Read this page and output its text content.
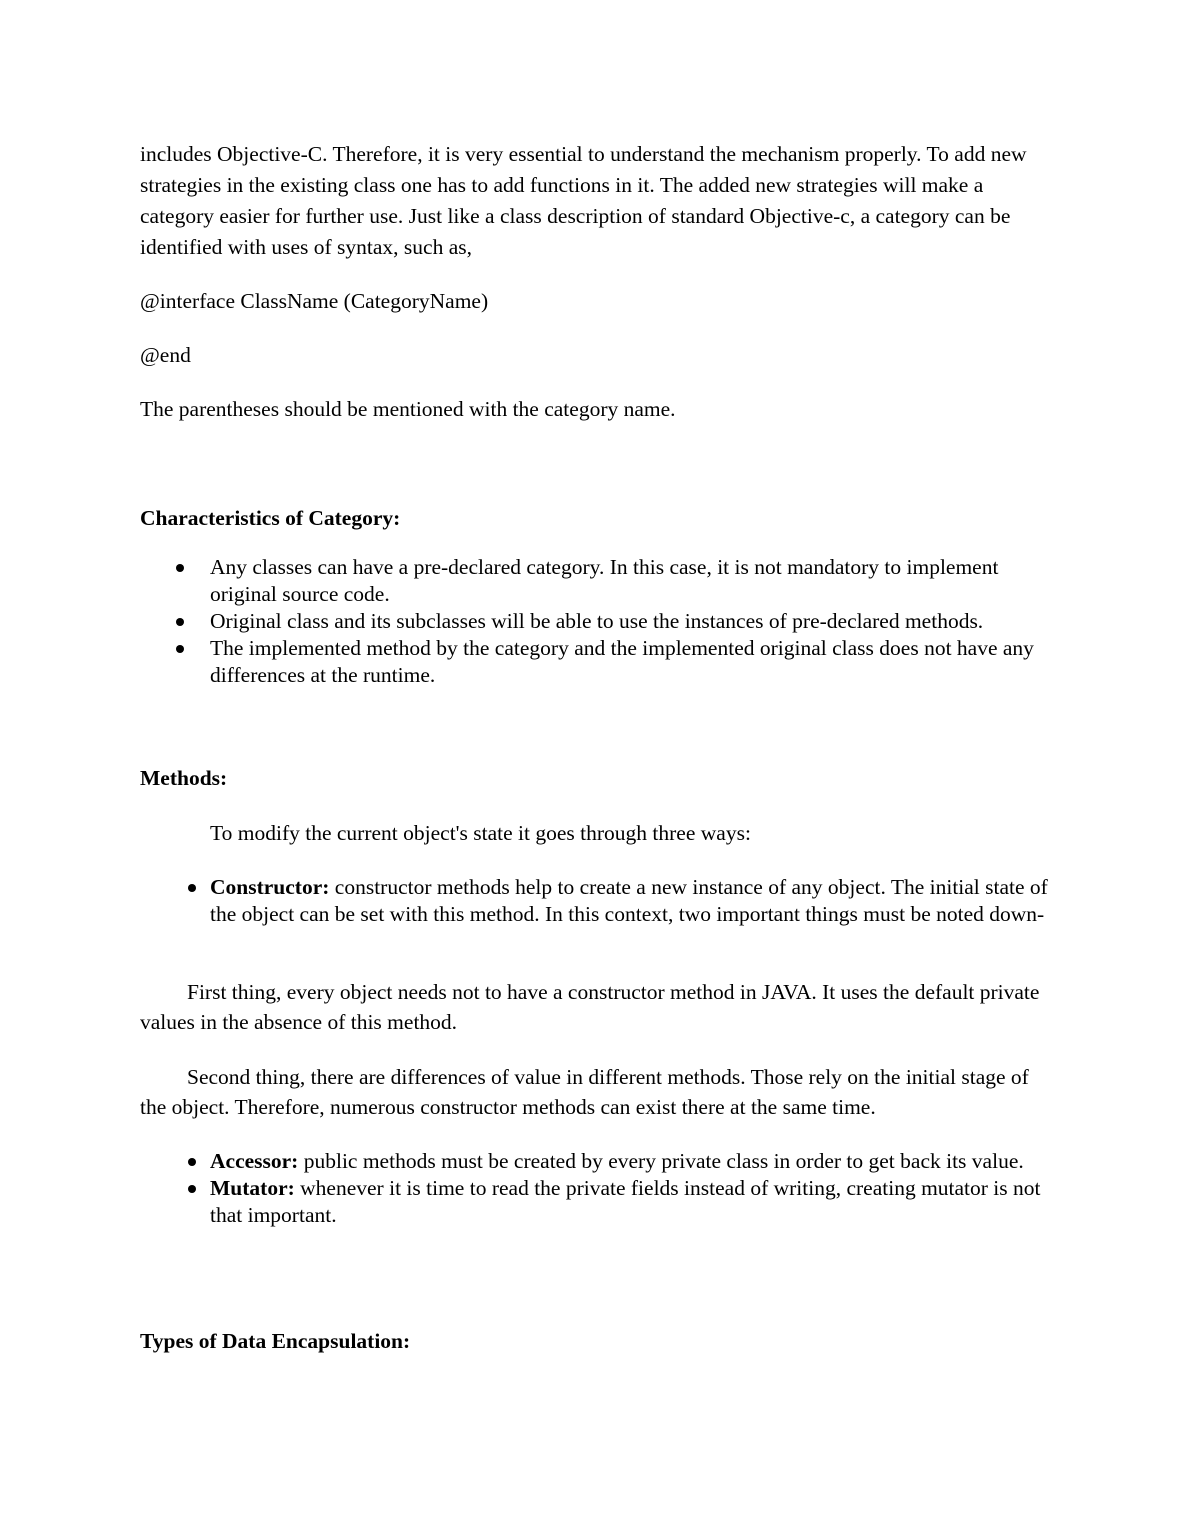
includes Objective-C. Therefore, it is very essential to understand the mechanism properly. To add new strategies in the existing class one has to add functions in it. The added new strategies will make a category easier for further use. Just like a class description of standard Objective-c, a category can be identified with uses of syntax, such as,

@interface ClassName (CategoryName)

@end

The parentheses should be mentioned with the category name.

Characteristics of Category:

Any classes can have a pre-declared category. In this case, it is not mandatory to implement original source code.
Original class and its subclasses will be able to use the instances of pre-declared methods.
The implemented method by the category and the implemented original class does not have any differences at the runtime.

Methods:

To modify the current object's state it goes through three ways:

Constructor: constructor methods help to create a new instance of any object. The initial state of the object can be set with this method. In this context, two important things must be noted down-

First thing, every object needs not to have a constructor method in JAVA. It uses the default private values in the absence of this method.

Second thing, there are differences of value in different methods. Those rely on the initial stage of the object. Therefore, numerous constructor methods can exist there at the same time.

Accessor: public methods must be created by every private class in order to get back its value.
Mutator: whenever it is time to read the private fields instead of writing, creating mutator is not that important.

Types of Data Encapsulation:
